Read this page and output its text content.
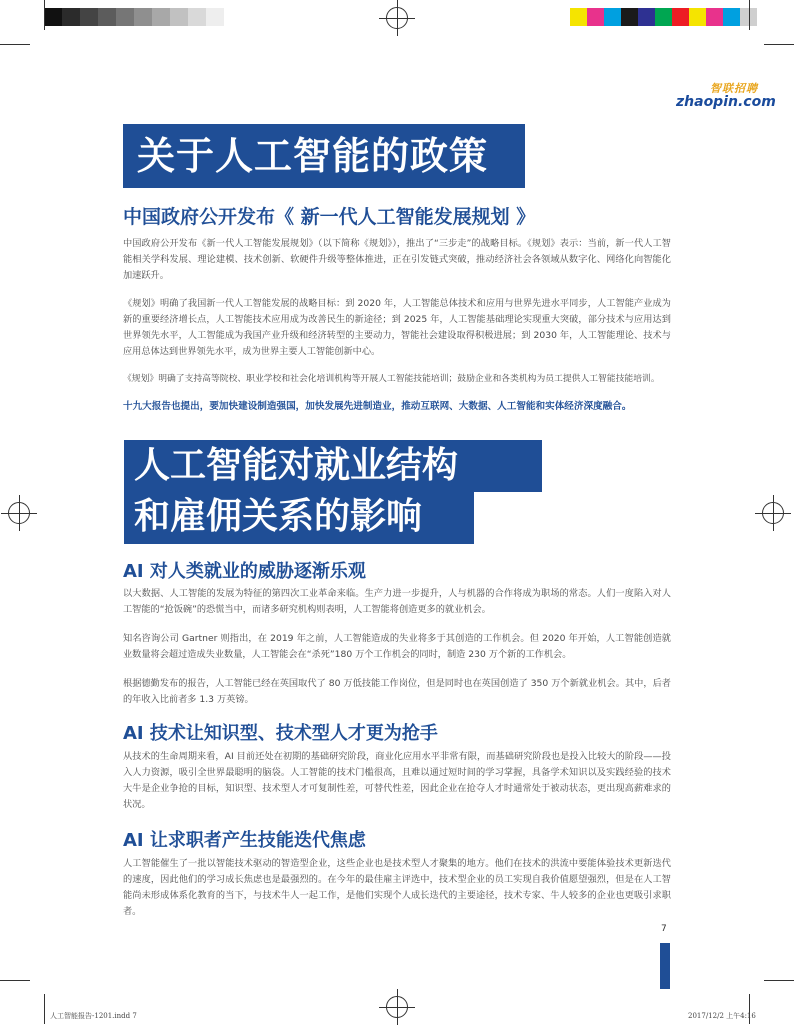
智联招聘
zhaopin.com
关于人工智能的政策
中国政府公开发布《 新一代人工智能发展规划 》
中国政府公开发布《新一代人工智能发展规划》（以下简称《规划》），推出了“三步走”的战略目标。《规划》表示：当前，新一代人工智能相关学科发展、理论建模、技术创新、软硬件升级等整体推进，正在引发链式突破，推动经济社会各领域从数字化、网络化向智能化加速跃升。
《规划》明确了我国新一代人工智能发展的战略目标：到 2020 年，人工智能总体技术和应用与世界先进水平同步，人工智能产业成为新的重要经济增长点，人工智能技术应用成为改善民生的新途径；到 2025 年，人工智能基础理论实现重大突破，部分技术与应用达到世界领先水平，人工智能成为我国产业升级和经济转型的主要动力，智能社会建设取得积极进展；到 2030 年，人工智能理论、技术与应用总体达到世界领先水平，成为世界主要人工智能创新中心。
《规划》明确了支持高等院校、职业学校和社会化培训机构等开展人工智能技能培训；鼓励企业和各类机构为员工提供人工智能技能培训。
十九大报告也提出，要加快建设制造强国，加快发展先进制造业，推动互联网、大数据、人工智能和实体经济深度融合。
人工智能对就业结构
和雇佣关系的影响
AI 对人类就业的威胁逐渐乐观
以大数据、人工智能的发展为特征的第四次工业革命来临。生产力进一步提升，人与机器的合作将成为职场的常态。人们一度陷入对人工智能的“抢饭碗”的恐慌当中，而诸多研究机构则表明，人工智能将创造更多的就业机会。
知名咨询公司 Gartner 则指出，在 2019 年之前，人工智能造成的失业将多于其创造的工作机会。但 2020 年开始，人工智能创造就业数量将会超过造成失业数量，人工智能会在“杀死”180 万个工作机会的同时，制造 230 万个新的工作机会。
根据德勤发布的报告，人工智能已经在英国取代了 80 万低技能工作岗位，但是同时也在英国创造了 350 万个新就业机会。其中，后者的年收入比前者多 1.3 万英镑。
AI 技术让知识型、技术型人才更为抢手
从技术的生命周期来看，AI 目前还处在初期的基础研究阶段，商业化应用水平非常有限，而基础研究阶段也是投入比较大的阶段——投入人力资源，吸引全世界最聪明的脑袋。人工智能的技术门槛很高，且难以通过短时间的学习掌握，具备学术知识以及实践经验的技术大牛是企业争抢的目标，知识型、技术型人才可复制性差，可替代性差，因此企业在抢夺人才时通常处于被动状态，更出现高薪难求的状况。
AI 让求职者产生技能迭代焦虑
人工智能催生了一批以智能技术驱动的智造型企业，这些企业也是技术型人才聚集的地方。他们在技术的洪流中要能体验技术更新迭代的速度，因此他们的学习成长焦虑也是最强烈的。在今年的最佳雇主评选中，技术型企业的员工实现自我价值愿望强烈，但是在人工智能尚未形成体系化教育的当下，与技术牛人一起工作，是他们实现个人成长迭代的主要途径，技术专家、牛人较多的企业也更吸引求职者。
7
人工智能报告-1201.indd 7	2017/12/2 上午4:16
